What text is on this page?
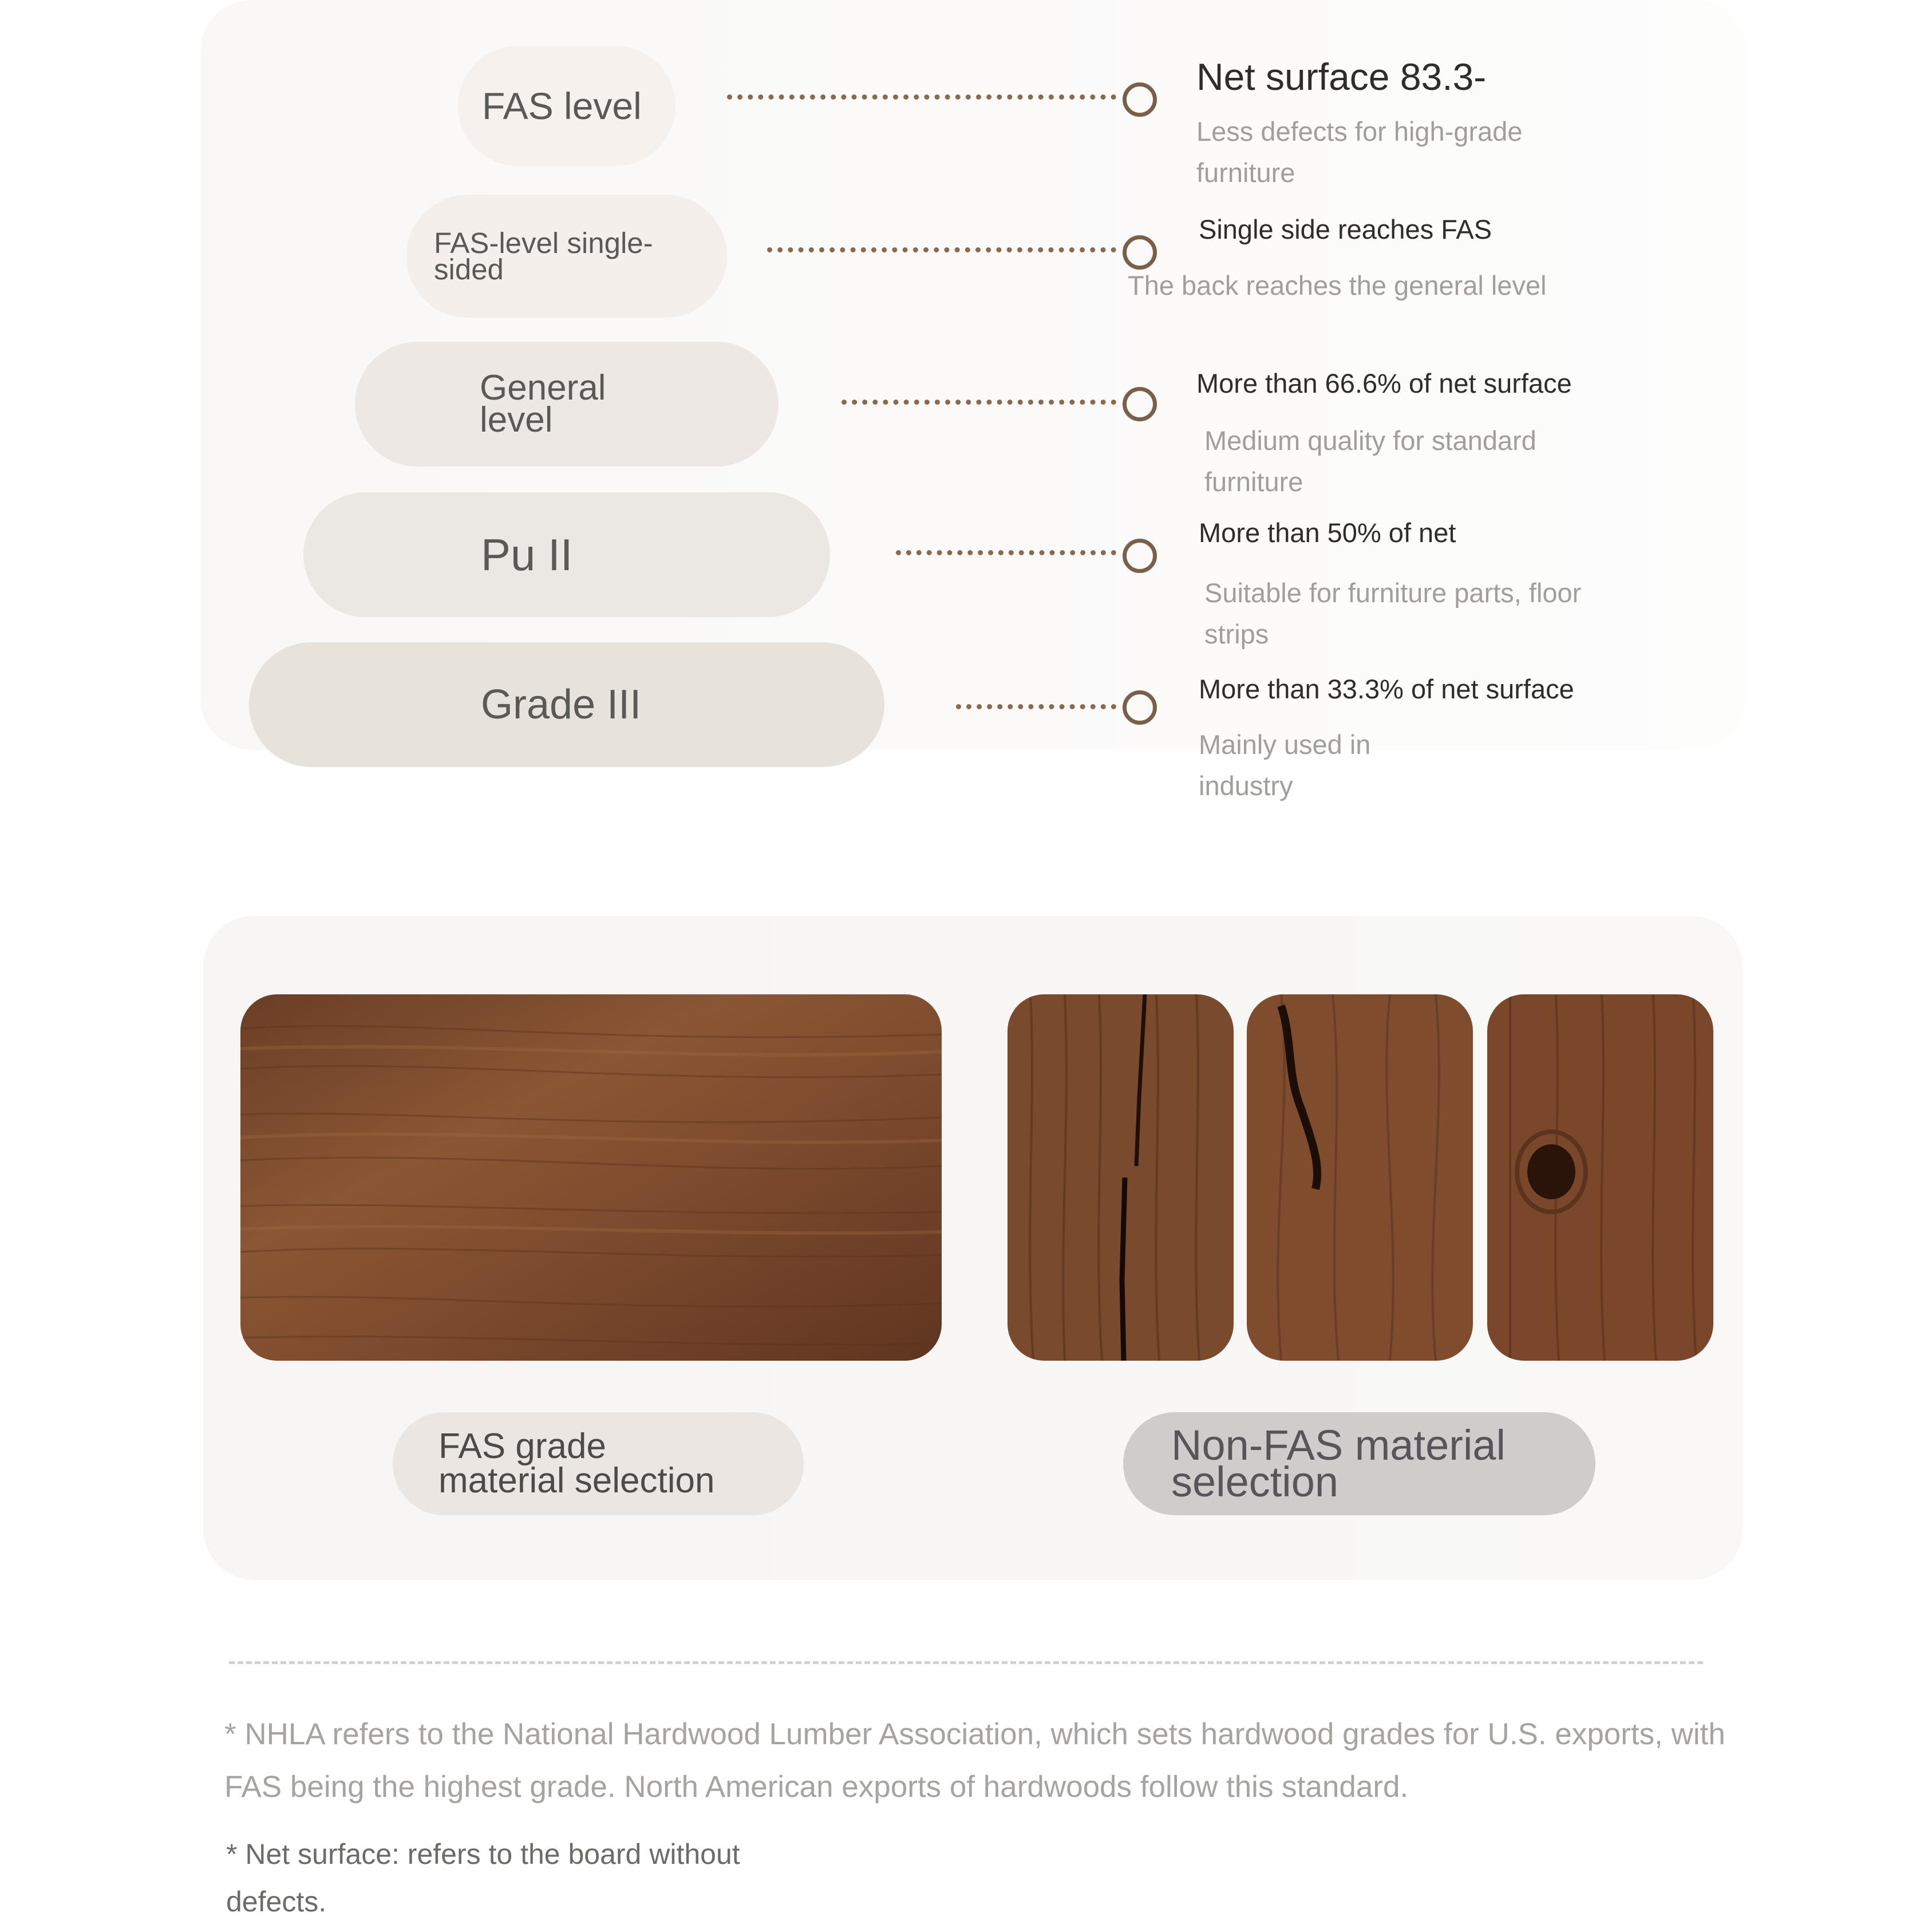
FAS level
Net surface 83.3-
Less defects for high-grade furniture
FAS-level single-sided
Single side reaches FAS
The back reaches the general level
General level
More than 66.6% of net surface
Medium quality for standard furniture
Pu II	More than 50% of net
Suitable for furniture parts, floor strips
Grade III	More than 33.3% of net surface
Mainly used in industry
FAS grade material selection
Non-FAS material selection
* NHLA refers to the National Hardwood Lumber Association, which sets hardwood grades for U.S. exports, with FAS being the highest grade. North American exports of hardwoods follow this standard.
* Net surface: refers to the board without defects.
